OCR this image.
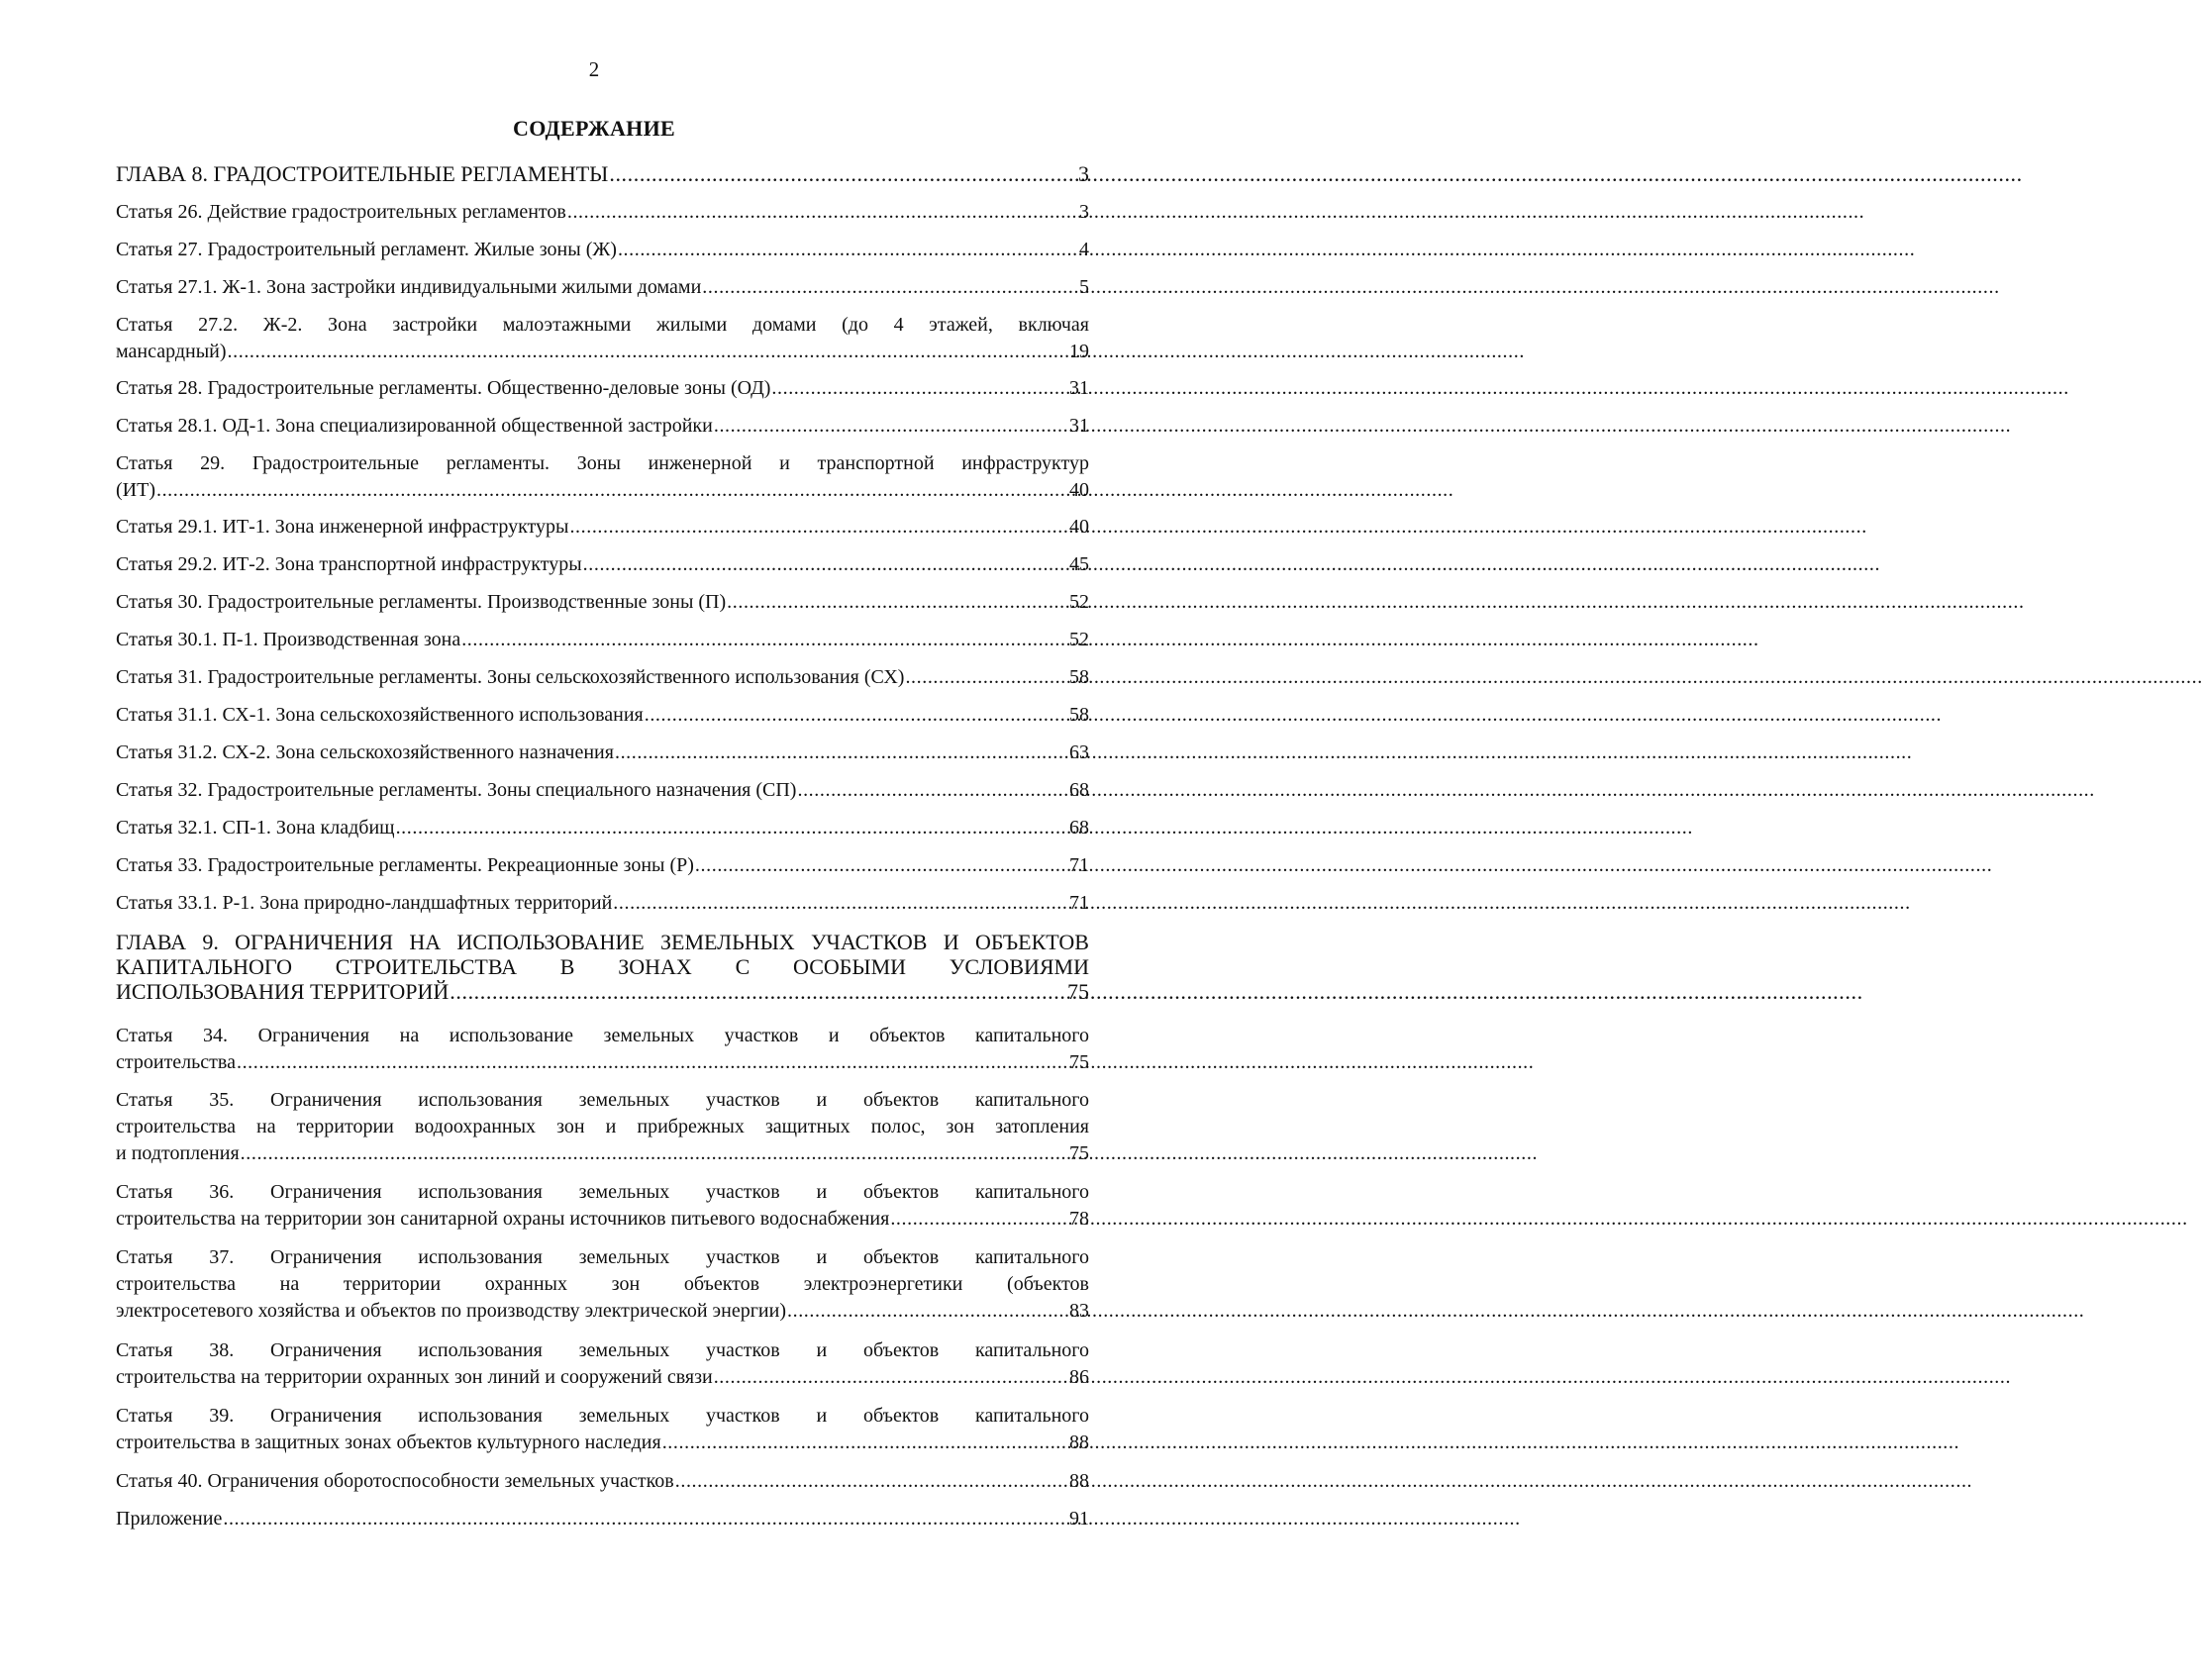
2
СОДЕРЖАНИЕ
ГЛАВА 8. ГРАДОСТРОИТЕЛЬНЫЕ РЕГЛАМЕНТЫ .....	3
Статья 26. Действие градостроительных регламентов .....	3
Статья 27. Градостроительный регламент. Жилые зоны (Ж) .....	4
Статья 27.1. Ж-1. Зона застройки индивидуальными жилыми домами .....	5
Статья 27.2. Ж-2. Зона застройки малоэтажными жилыми домами (до 4 этажей, включая
мансардный) .....	19
Статья 28. Градостроительные регламенты. Общественно-деловые зоны (ОД) .....	31
Статья 28.1. ОД-1. Зона специализированной общественной застройки .....	31
Статья 29. Градостроительные регламенты. Зоны инженерной и транспортной инфраструктур
(ИТ) .....	40
Статья 29.1. ИТ-1. Зона инженерной инфраструктуры .....	40
Статья 29.2. ИТ-2. Зона транспортной инфраструктуры .....	45
Статья 30. Градостроительные регламенты. Производственные зоны (П) .....	52
Статья 30.1. П-1. Производственная зона .....	52
Статья 31. Градостроительные регламенты. Зоны сельскохозяйственного использования (СХ) .....	58
Статья 31.1. СХ-1. Зона сельскохозяйственного использования .....	58
Статья 31.2. СХ-2. Зона сельскохозяйственного назначения .....	63
Статья 32. Градостроительные регламенты. Зоны специального назначения (СП) .....	68
Статья 32.1. СП-1. Зона кладбищ .....	68
Статья 33. Градостроительные регламенты. Рекреационные зоны (Р) .....	71
Статья 33.1. Р-1. Зона природно-ландшафтных территорий .....	71
ГЛАВА 9. ОГРАНИЧЕНИЯ НА ИСПОЛЬЗОВАНИЕ ЗЕМЕЛЬНЫХ УЧАСТКОВ И ОБЪЕКТОВ
КАПИТАЛЬНОГО СТРОИТЕЛЬСТВА В ЗОНАХ С ОСОБЫМИ УСЛОВИЯМИ
ИСПОЛЬЗОВАНИЯ ТЕРРИТОРИЙ .....	75
Статья 34. Ограничения на использование земельных участков и объектов капитального
строительства .....	75
Статья 35. Ограничения использования земельных участков и объектов капитального
строительства на территории водоохранных зон и прибрежных защитных полос, зон затопления
и подтопления .....	75
Статья 36. Ограничения использования земельных участков и объектов капитального
строительства на территории зон санитарной охраны источников питьевого водоснабжения .....	78
Статья 37. Ограничения использования земельных участков и объектов капитального
строительства на территории охранных зон объектов электроэнергетики (объектов
электросетевого хозяйства и объектов по производству электрической энергии) .....	83
Статья 38. Ограничения использования земельных участков и объектов капитального
строительства на территории охранных зон линий и сооружений связи .....	86
Статья 39. Ограничения использования земельных участков и объектов капитального
строительства в защитных зонах объектов культурного наследия .....	88
Статья 40. Ограничения оборотоспособности земельных участков .....	88
Приложение .....	91
